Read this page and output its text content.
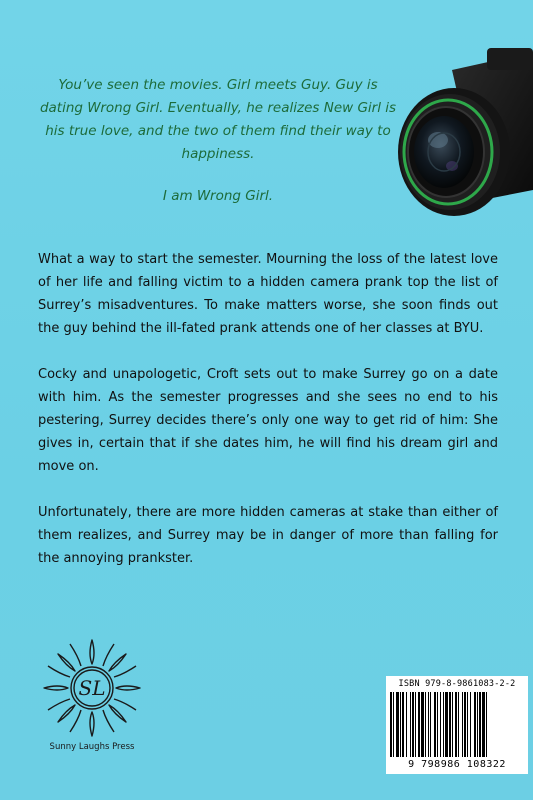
You’ve seen the movies. Girl meets Guy. Guy is dating Wrong Girl. Eventually, he realizes New Girl is his true love, and the two of them find their way to happiness.

I am Wrong Girl.

What a way to start the semester. Mourning the loss of the latest love of her life and falling victim to a hidden camera prank top the list of Surrey’s misadventures. To make matters worse, she soon finds out the guy behind the ill-fated prank attends one of her classes at BYU.

Cocky and unapologetic, Croft sets out to make Surrey go on a date with him. As the semester progresses and she sees no end to his pestering, Surrey decides there’s only one way to get rid of him: She gives in, certain that if she dates him, he will find his dream girl and move on.

Unfortunately, there are more hidden cameras at stake than either of them realizes, and Surrey may be in danger of more than falling for the annoying prankster.

SL
Sunny Laughs Press
ISBN 979-8-9861083-2-2
9 798986 108322
